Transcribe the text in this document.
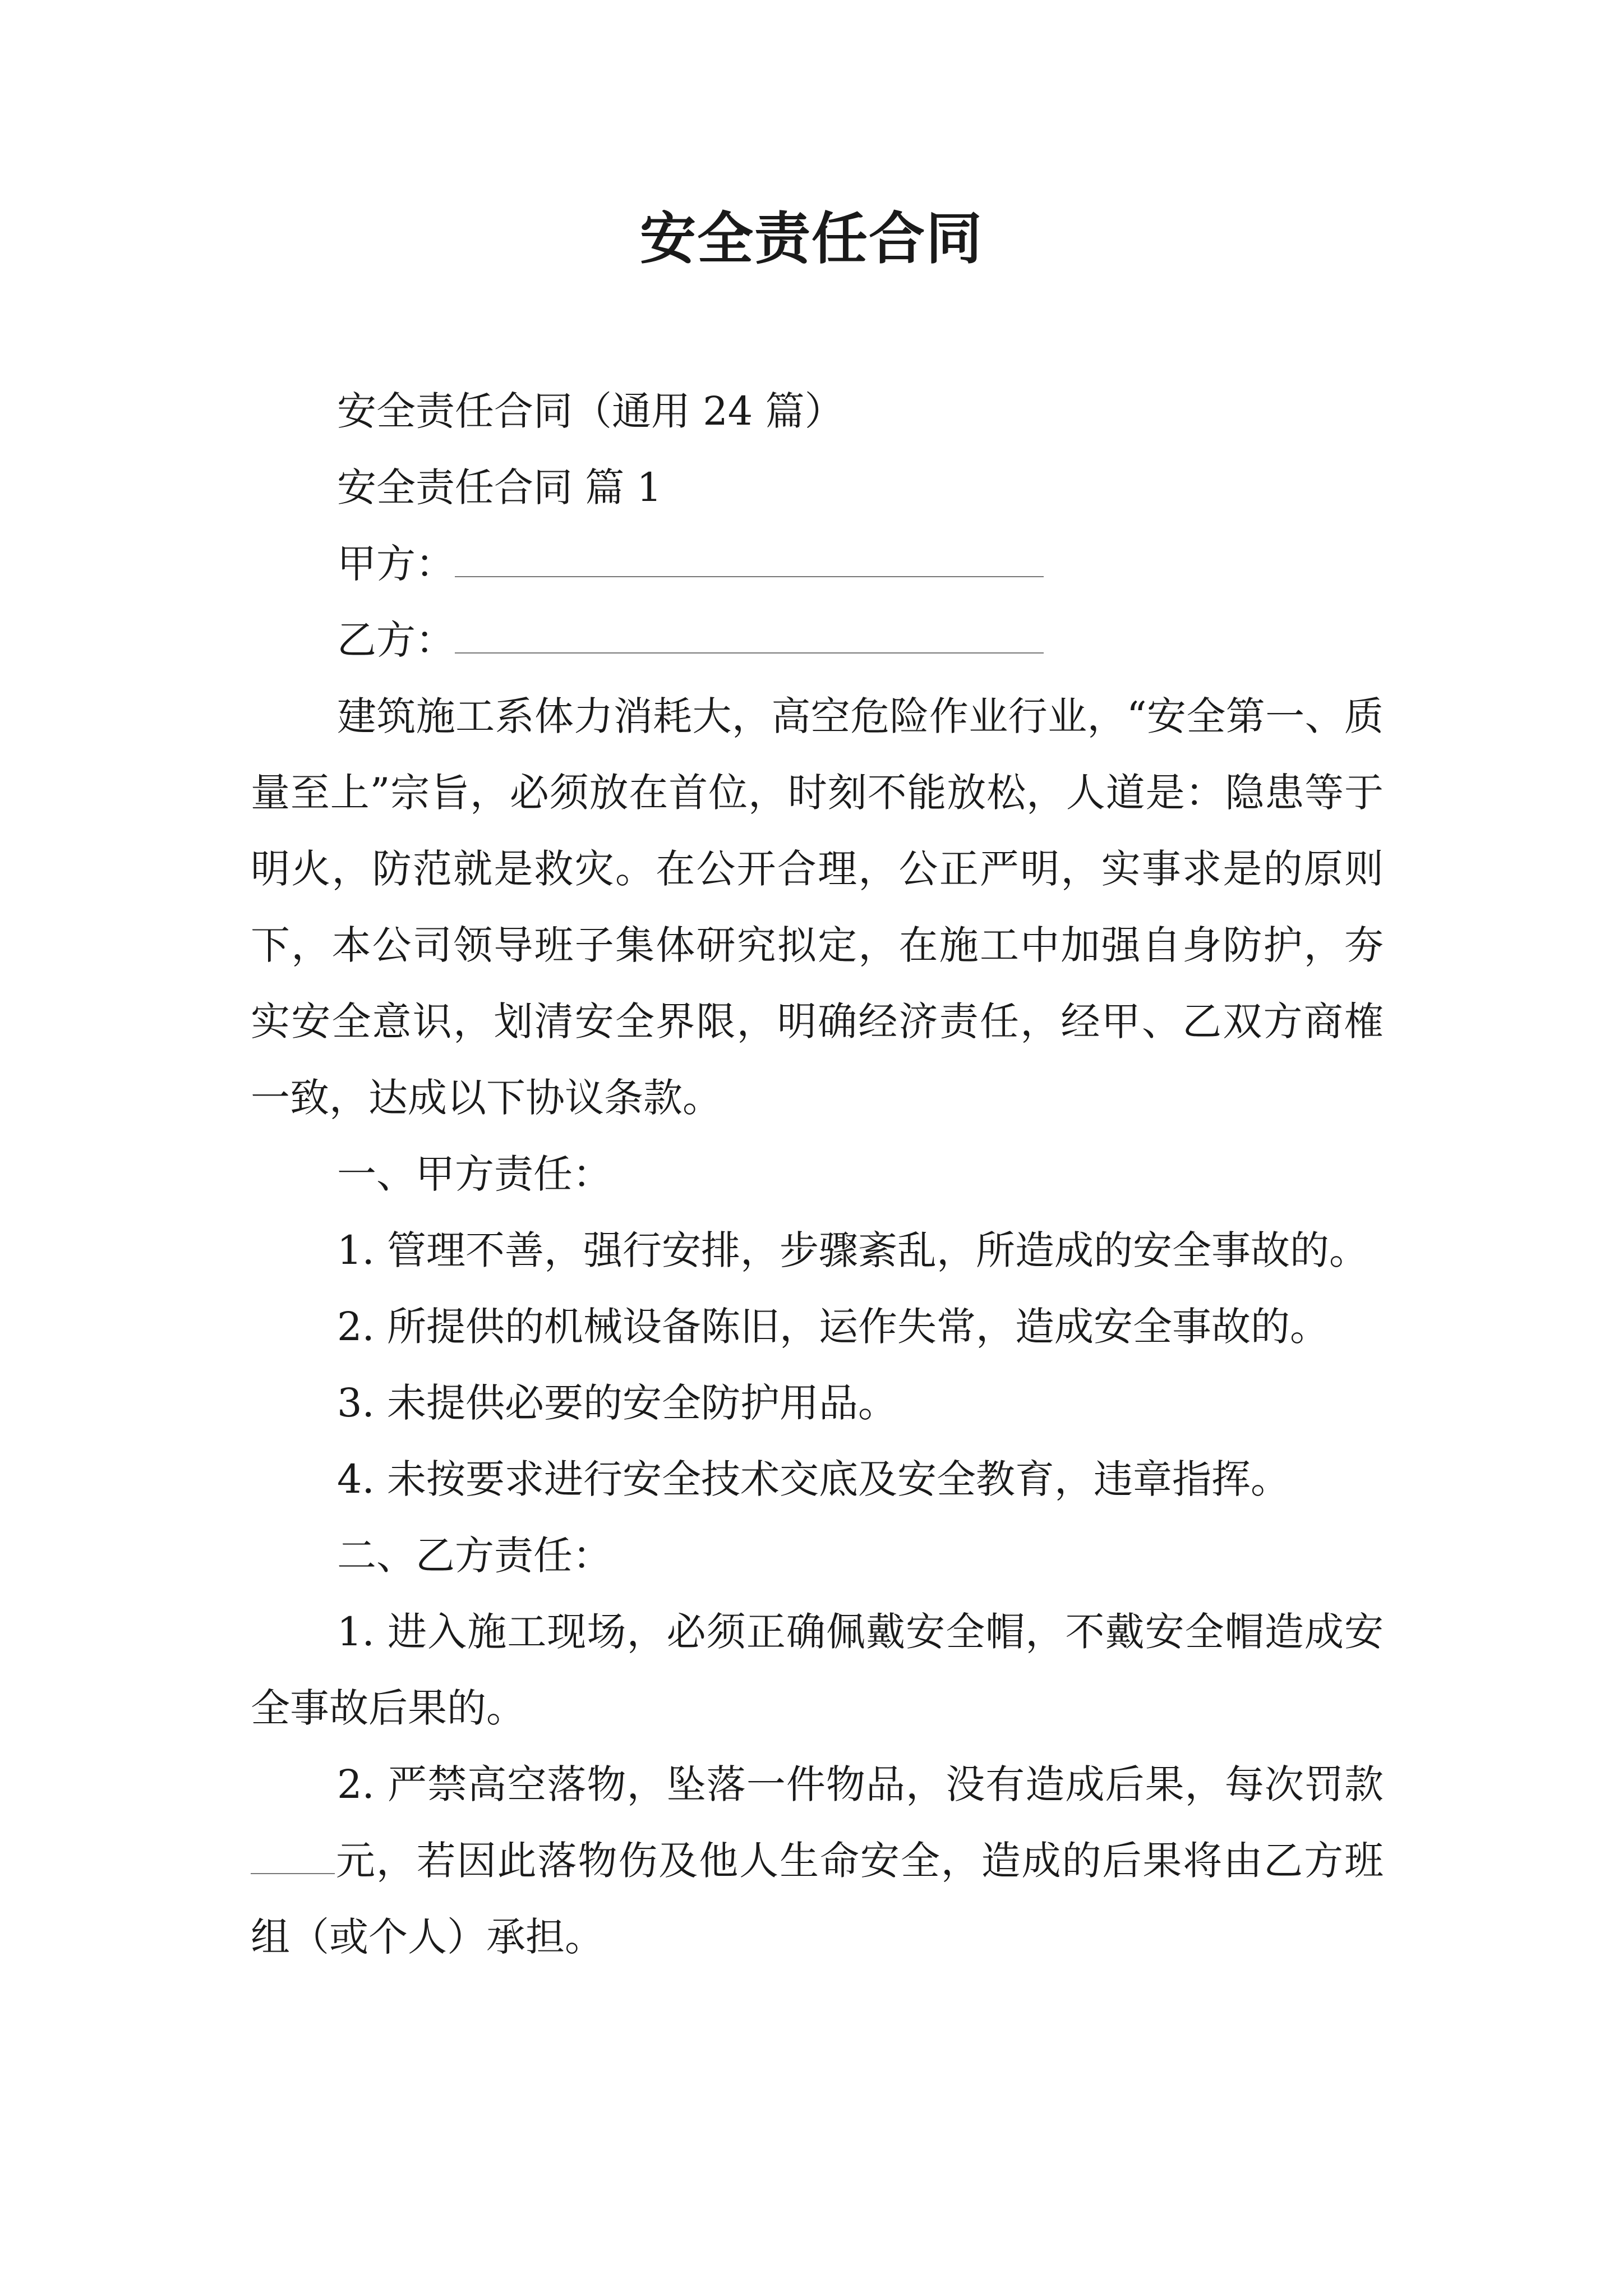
安全责任合同

安全责任合同（通用 24 篇）

安全责任合同 篇 1

甲方：

乙方：

建筑施工系体力消耗大，高空危险作业行业，“安全第一、质量至上”宗旨，必须放在首位，时刻不能放松，人道是：隐患等于明火，防范就是救灾。在公开合理，公正严明，实事求是的原则下，本公司领导班子集体研究拟定，在施工中加强自身防护，夯实安全意识，划清安全界限，明确经济责任，经甲、乙双方商榷一致，达成以下协议条款。

一、甲方责任：

1. 管理不善，强行安排，步骤紊乱，所造成的安全事故的。

2. 所提供的机械设备陈旧，运作失常，造成安全事故的。

3. 未提供必要的安全防护用品。

4. 未按要求进行安全技术交底及安全教育，违章指挥。

二、乙方责任：

1. 进入施工现场，必须正确佩戴安全帽，不戴安全帽造成安全事故后果的。

2. 严禁高空落物，坠落一件物品，没有造成后果，每次罚款元，若因此落物伤及他人生命安全，造成的后果将由乙方班组（或个人）承担。
